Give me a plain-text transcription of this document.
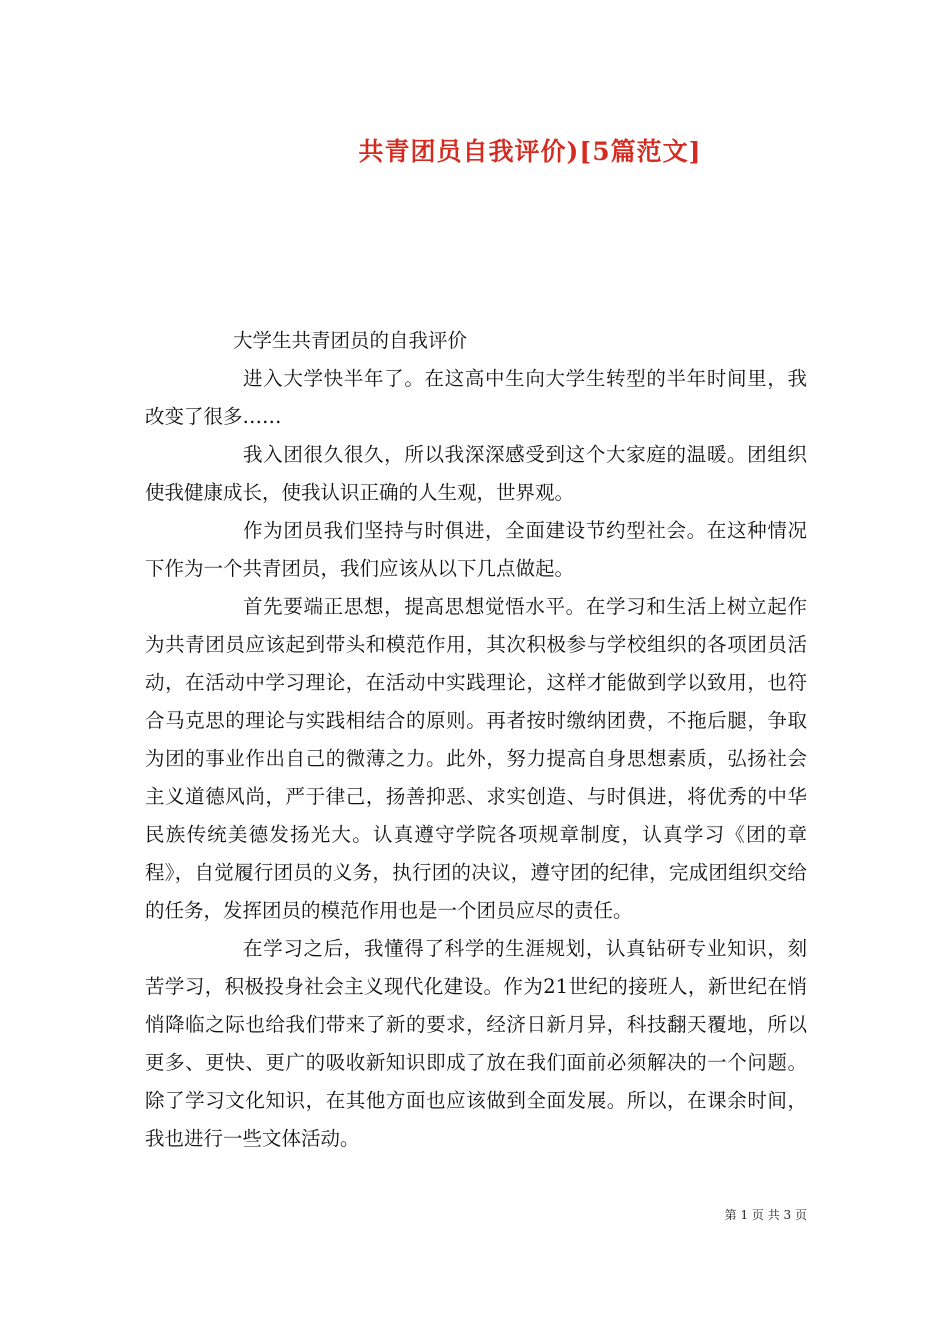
共青团员自我评价)[5篇范文]
大学生共青团员的自我评价

进入大学快半年了。在这高中生向大学生转型的半年时间里，我改变了很多……

我入团很久很久，所以我深深感受到这个大家庭的温暖。团组织使我健康成长，使我认识正确的人生观，世界观。

作为团员我们坚持与时俱进，全面建设节约型社会。在这种情况下作为一个共青团员，我们应该从以下几点做起。

首先要端正思想，提高思想觉悟水平。在学习和生活上树立起作为共青团员应该起到带头和模范作用，其次积极参与学校组织的各项团员活动，在活动中学习理论，在活动中实践理论，这样才能做到学以致用，也符合马克思的理论与实践相结合的原则。再者按时缴纳团费，不拖后腿，争取为团的事业作出自己的微薄之力。此外，努力提高自身思想素质，弘扬社会主义道德风尚，严于律己，扬善抑恶、求实创造、与时俱进，将优秀的中华民族传统美德发扬光大。认真遵守学院各项规章制度，认真学习《团的章程》，自觉履行团员的义务，执行团的决议，遵守团的纪律，完成团组织交给的任务，发挥团员的模范作用也是一个团员应尽的责任。

在学习之后，我懂得了科学的生涯规划，认真钻研专业知识，刻苦学习，积极投身社会主义现代化建设。作为21世纪的接班人，新世纪在悄悄降临之际也给我们带来了新的要求，经济日新月异，科技翻天覆地，所以更多、更快、更广的吸收新知识即成了放在我们面前必须解决的一个问题。除了学习文化知识，在其他方面也应该做到全面发展。所以，在课余时间，我也进行一些文体活动。

第 1 页 共 3 页
